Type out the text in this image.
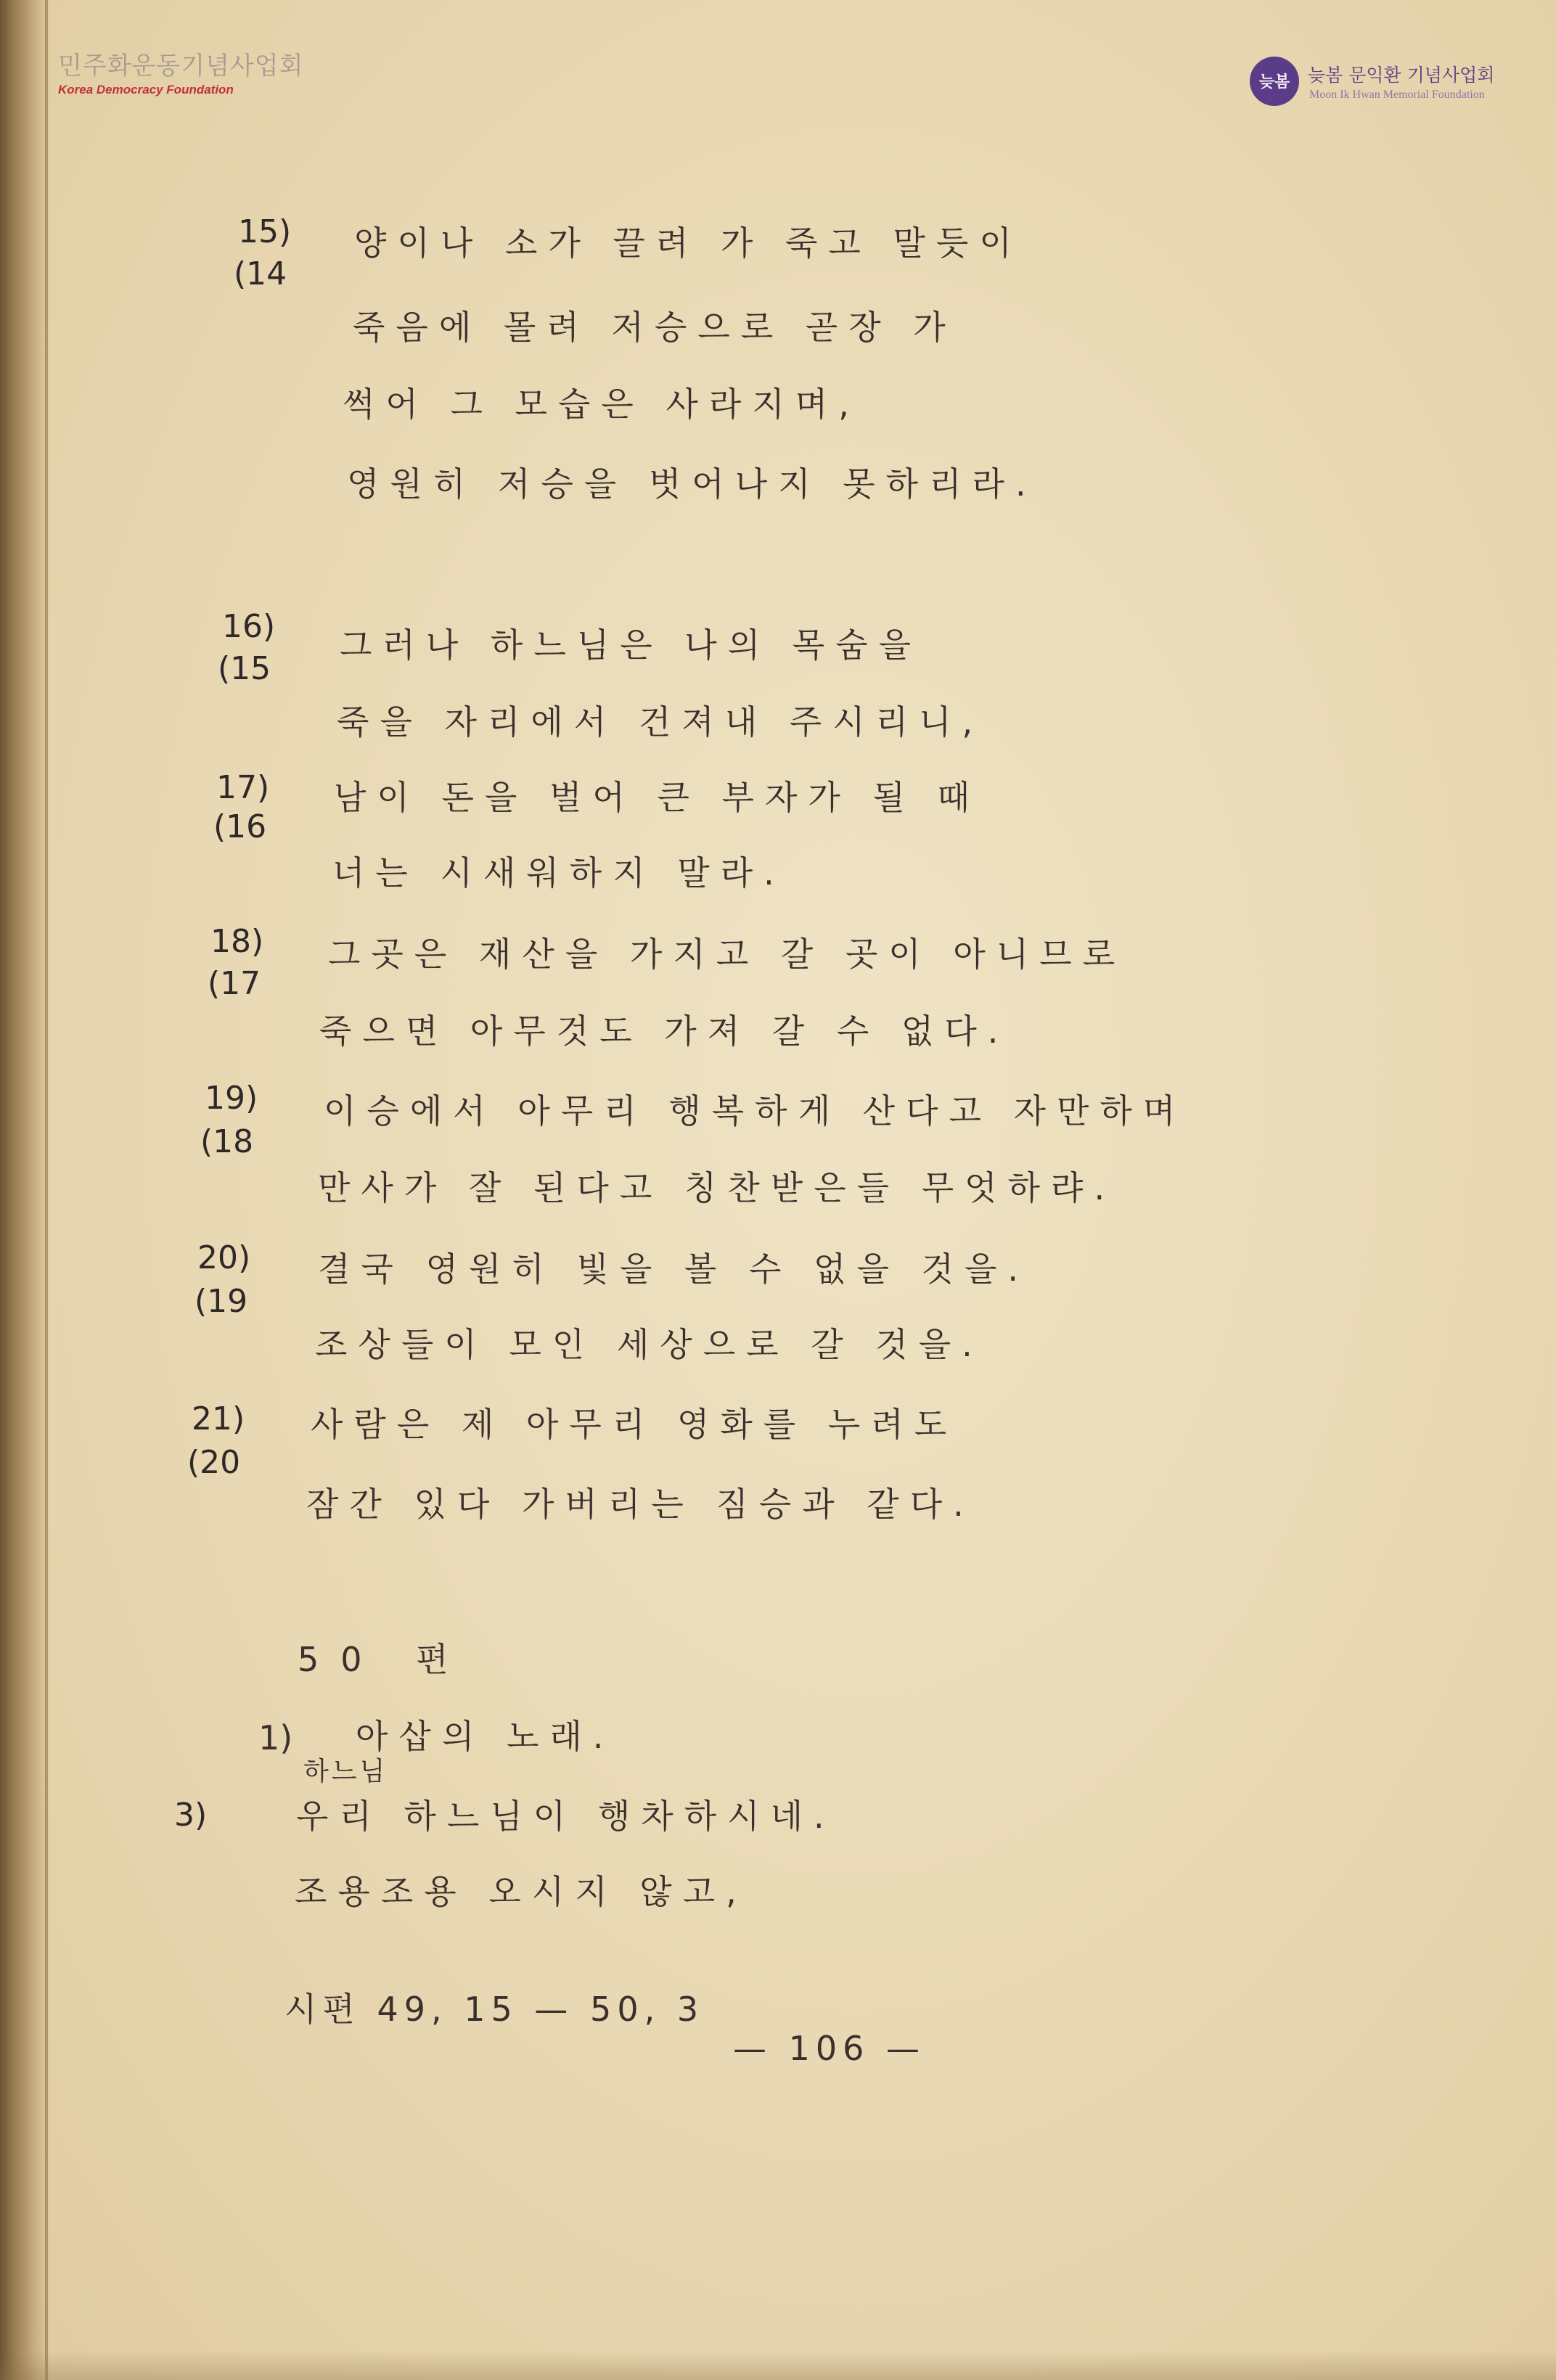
민주화운동기념사업회
Korea Democracy Foundation	늦봄 늦봄 문익환 기념사업회
Moon Ik Hwan Memorial Foundation
15)
(14
양이나 소가 끌려 가 죽고 말듯이
죽음에 몰려 저승으로 곧장 가
썩어 그 모습은 사라지며,
영원히 저승을 벗어나지 못하리라.
16)
(15
그러나 하느님은 나의 목숨을
죽을 자리에서 건져내 주시리니,
17)
(16
남이 돈을 벌어 큰 부자가 될 때
너는 시새워하지 말라.
18)
(17
그곳은 재산을 가지고 갈 곳이 아니므로
죽으면 아무것도 가져 갈 수 없다.
19)
(18
이승에서 아무리 행복하게 산다고 자만하며
만사가 잘 된다고 칭찬받은들 무엇하랴.
20)
(19
결국 영원히 빛을 볼 수 없을 것을.
조상들이 모인 세상으로 갈 것을.
21)
(20
사람은 제 아무리 영화를 누려도
잠간 있다 가버리는 짐승과 같다.
50 편
1) 아삽의 노래.
하느님
3)	우리 하느님이 행차하시네.
조용조용 오시지 않고,
시편 49, 15 — 50, 3
— 106 —
